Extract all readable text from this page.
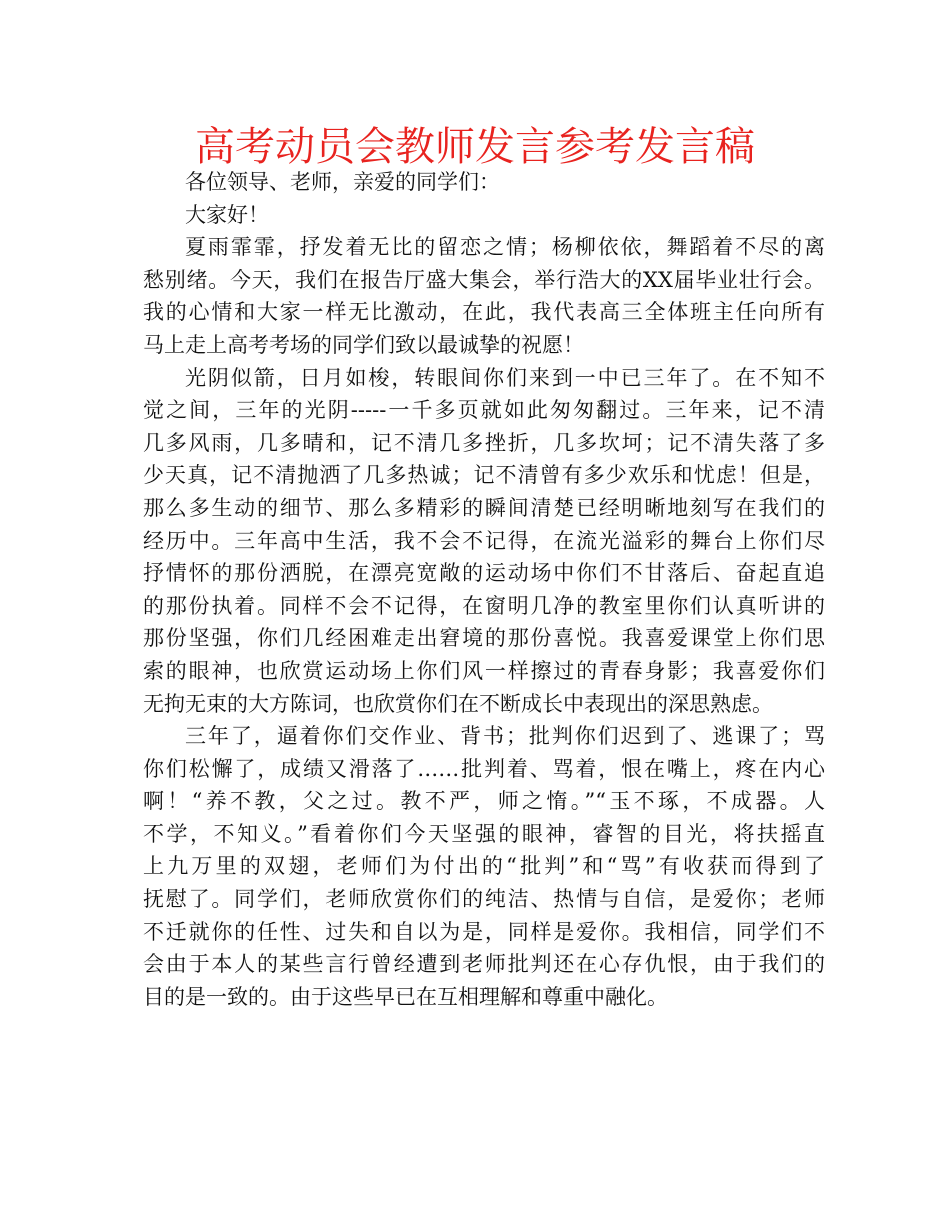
高考动员会教师发言参考发言稿

各位领导、老师，亲爱的同学们：

大家好！

夏雨霏霏，抒发着无比的留恋之情；杨柳依依，舞蹈着不尽的离
愁别绪。今天，我们在报告厅盛大集会，举行浩大的XX届毕业壮行会。
我的心情和大家一样无比激动，在此，我代表高三全体班主任向所有
马上走上高考考场的同学们致以最诚挚的祝愿！

光阴似箭，日月如梭，转眼间你们来到一中已三年了。在不知不
觉之间，三年的光阴-----一千多页就如此匆匆翻过。三年来，记不清
几多风雨，几多晴和，记不清几多挫折，几多坎坷；记不清失落了多
少天真，记不清抛洒了几多热诚；记不清曾有多少欢乐和忧虑！但是，
那么多生动的细节、那么多精彩的瞬间清楚已经明晰地刻写在我们的
经历中。三年高中生活，我不会不记得，在流光溢彩的舞台上你们尽
抒情怀的那份洒脱，在漂亮宽敞的运动场中你们不甘落后、奋起直追
的那份执着。同样不会不记得，在窗明几净的教室里你们认真听讲的
那份坚强，你们几经困难走出窘境的那份喜悦。我喜爱课堂上你们思
索的眼神，也欣赏运动场上你们风一样擦过的青春身影；我喜爱你们
无拘无束的大方陈词，也欣赏你们在不断成长中表现出的深思熟虑。

三年了，逼着你们交作业、背书；批判你们迟到了、逃课了；骂
你们松懈了，成绩又滑落了……批判着、骂着，恨在嘴上，疼在内心
啊！“养不教，父之过。教不严，师之惰。”“玉不琢，不成器。人
不学，不知义。”看着你们今天坚强的眼神，睿智的目光，将扶摇直
上九万里的双翅，老师们为付出的“批判”和“骂”有收获而得到了
抚慰了。同学们，老师欣赏你们的纯洁、热情与自信，是爱你；老师
不迁就你的任性、过失和自以为是，同样是爱你。我相信，同学们不
会由于本人的某些言行曾经遭到老师批判还在心存仇恨，由于我们的
目的是一致的。由于这些早已在互相理解和尊重中融化。
